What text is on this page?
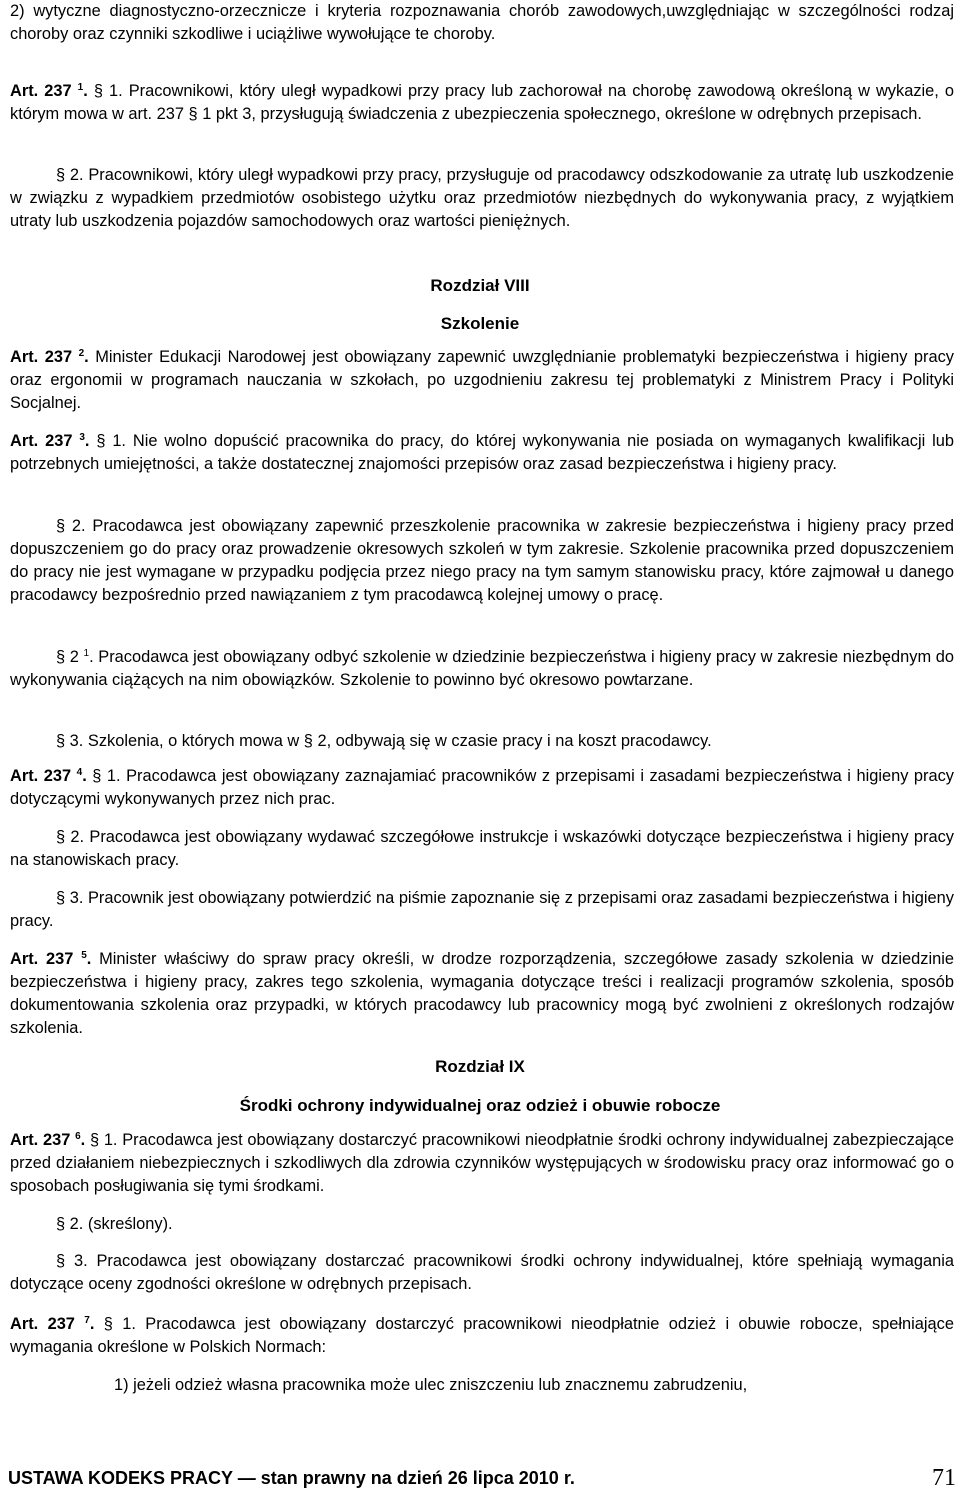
2) wytyczne diagnostyczno-orzecznicze i kryteria rozpoznawania chorób zawodowych,uwzględniając w szczególności rodzaj choroby oraz czynniki szkodliwe i uciążliwe wywołujące te choroby.

Art. 237 $^1$. § 1. Pracownikowi, który uległ wypadkowi przy pracy lub zachorował na chorobę zawodową określoną w wykazie, o którym mowa w art. 237 § 1 pkt 3, przysługują świadczenia z ubezpieczenia społecznego, określone w odrębnych przepisach.

§ 2. Pracownikowi, który uległ wypadkowi przy pracy, przysługuje od pracodawcy odszkodowanie za utratę lub uszkodzenie w związku z wypadkiem przedmiotów osobistego użytku oraz przedmiotów niezbędnych do wykonywania pracy, z wyjątkiem utraty lub uszkodzenia pojazdów samochodowych oraz wartości pieniężnych.

Rozdział VIII

Szkolenie

Art. 237 $^2$. Minister Edukacji Narodowej jest obowiązany zapewnić uwzględnianie problematyki bezpieczeństwa i higieny pracy oraz ergonomii w programach nauczania w szkołach, po uzgodnieniu zakresu tej problematyki z Ministrem Pracy i Polityki Socjalnej.

Art. 237 $^3$. § 1. Nie wolno dopuścić pracownika do pracy, do której wykonywania nie posiada on wymaganych kwalifikacji lub potrzebnych umiejętności, a także dostatecznej znajomości przepisów oraz zasad bezpieczeństwa i higieny pracy.

§ 2. Pracodawca jest obowiązany zapewnić przeszkolenie pracownika w zakresie bezpieczeństwa i higieny pracy przed dopuszczeniem go do pracy oraz prowadzenie okresowych szkoleń w tym zakresie. Szkolenie pracownika przed dopuszczeniem do pracy nie jest wymagane w przypadku podjęcia przez niego pracy na tym samym stanowisku pracy, które zajmował u danego pracodawcy bezpośrednio przed nawiązaniem z tym pracodawcą kolejnej umowy o pracę.

§ 2 $^1$. Pracodawca jest obowiązany odbyć szkolenie w dziedzinie bezpieczeństwa i higieny pracy w zakresie niezbędnym do wykonywania ciążących na nim obowiązków. Szkolenie to powinno być okresowo powtarzane.

§ 3. Szkolenia, o których mowa w § 2, odbywają się w czasie pracy i na koszt pracodawcy.

Art. 237 $^4$. § 1. Pracodawca jest obowiązany zaznajamiać pracowników z przepisami i zasadami bezpieczeństwa i higieny pracy dotyczącymi wykonywanych przez nich prac.

§ 2. Pracodawca jest obowiązany wydawać szczegółowe instrukcje i wskazówki dotyczące bezpieczeństwa i higieny pracy na stanowiskach pracy.

§ 3. Pracownik jest obowiązany potwierdzić na piśmie zapoznanie się z przepisami oraz zasadami bezpieczeństwa i higieny pracy.

Art. 237 $^5$. Minister właściwy do spraw pracy określi, w drodze rozporządzenia, szczegółowe zasady szkolenia w dziedzinie bezpieczeństwa i higieny pracy, zakres tego szkolenia, wymagania dotyczące treści i realizacji programów szkolenia, sposób dokumentowania szkolenia oraz przypadki, w których pracodawcy lub pracownicy mogą być zwolnieni z określonych rodzajów szkolenia.

Rozdział IX

Środki ochrony indywidualnej oraz odzież i obuwie robocze

Art. 237 $^6$. § 1. Pracodawca jest obowiązany dostarczyć pracownikowi nieodpłatnie środki ochrony indywidualnej zabezpieczające przed działaniem niebezpiecznych i szkodliwych dla zdrowia czynników występujących w środowisku pracy oraz informować go o sposobach posługiwania się tymi środkami.

§ 2. (skreślony).

§ 3. Pracodawca jest obowiązany dostarczać pracownikowi środki ochrony indywidualnej, które spełniają wymagania dotyczące oceny zgodności określone w odrębnych przepisach.

Art. 237 $^7$. § 1. Pracodawca jest obowiązany dostarczyć pracownikowi nieodpłatnie odzież i obuwie robocze, spełniające wymagania określone w Polskich Normach:

1) jeżeli odzież własna pracownika może ulec zniszczeniu lub znacznemu zabrudzeniu,

USTAWA KODEKS PRACY — stan prawny na dzień 26 lipca 2010 r.	71
